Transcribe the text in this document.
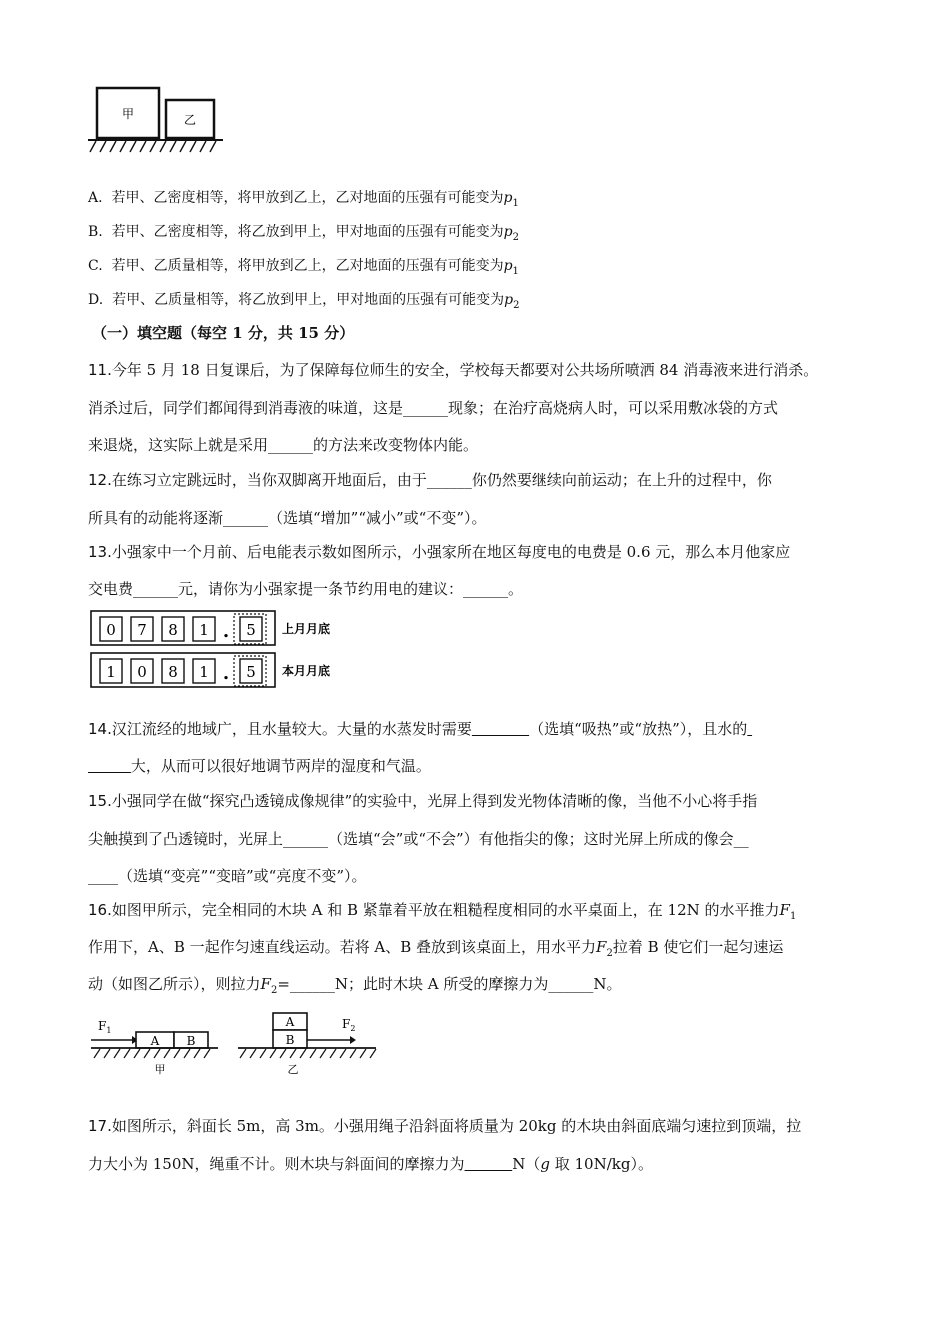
甲	乙
A. 若甲、乙密度相等，将甲放到乙上，乙对地面的压强有可能变为$p_1$
B. 若甲、乙密度相等，将乙放到甲上，甲对地面的压强有可能变为$p_2$
C. 若甲、乙质量相等，将甲放到乙上，乙对地面的压强有可能变为$p_1$
D. 若甲、乙质量相等，将乙放到甲上，甲对地面的压强有可能变为$p_2$
（一）填空题（每空 1 分，共 15 分）
11.今年 5 月 18 日复课后，为了保障每位师生的安全，学校每天都要对公共场所喷洒 84 消毒液来进行消杀。
消杀过后，同学们都闻得到消毒液的味道，这是______现象；在治疗高烧病人时，可以采用敷冰袋的方式
来退烧，这实际上就是采用______的方法来改变物体内能。
12.在练习立定跳远时，当你双脚离开地面后，由于______你仍然要继续向前运动；在上升的过程中，你
所具有的动能将逐渐______（选填“增加”“减小”或“不变”）。
13.小强家中一个月前、后电能表示数如图所示，小强家所在地区每度电的电费是 0.6 元，那么本月他家应
交电费______元，请你为小强家提一条节约用电的建议：______。
0 7 8 1 . 5 上月月底
1 0 8 1 . 5 本月月底
14.汉江流经的地域广，且水量较大。大量的水蒸发时需要	（选填“吸热”或“放热”），且水的
大，从而可以很好地调节两岸的湿度和气温。
15.小强同学在做“探究凸透镜成像规律”的实验中，光屏上得到发光物体清晰的像，当他不小心将手指
尖触摸到了凸透镜时，光屏上______（选填“会”或“不会”）有他指尖的像；这时光屏上所成的像会__
____（选填“变亮”“变暗”或“亮度不变”）。
16.如图甲所示，完全相同的木块 A 和 B 紧靠着平放在粗糙程度相同的水平桌面上，在 12N 的水平推力$F_1$
作用下，A、B 一起作匀速直线运动。若将 A、B 叠放到该桌面上，用水平力$F_2$拉着 B 使它们一起匀速运
动（如图乙所示），则拉力$F_2=\_\_\_\_\_\_N$；此时木块 A 所受的摩擦力为______N。
$F_1$
A B
甲
A
B
$F_2$
乙
17.如图所示，斜面长 5m，高 3m。小强用绳子沿斜面将质量为 20kg 的木块由斜面底端匀速拉到顶端，拉
力大小为 150N，绳重不计。则木块与斜面间的摩擦力为	N（g 取 10N/kg）。
